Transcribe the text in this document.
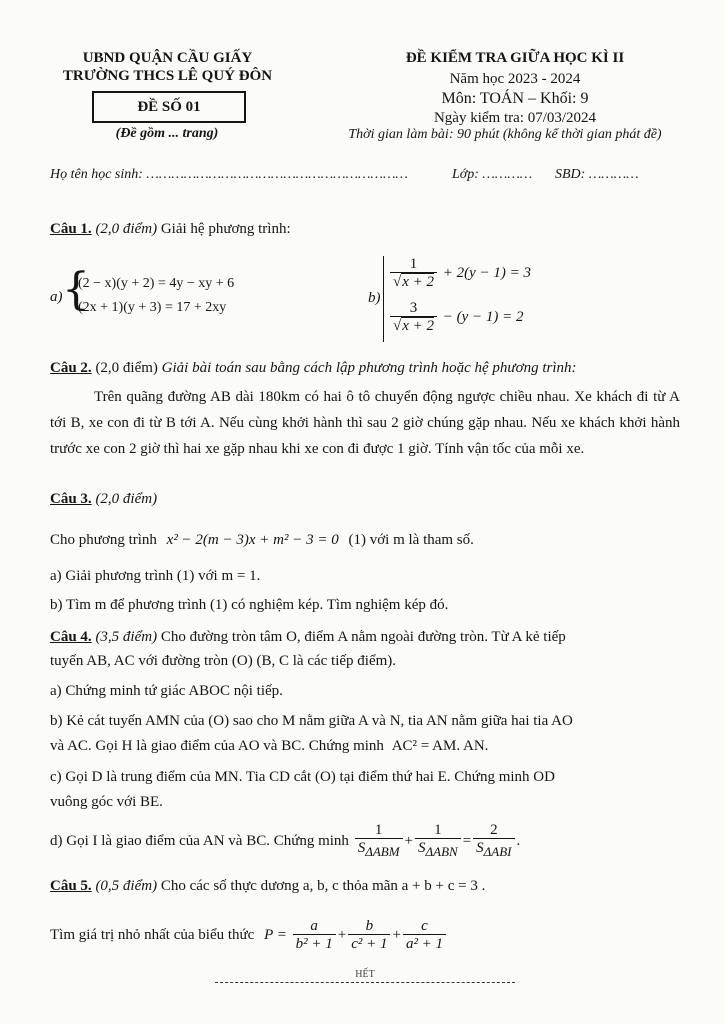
UBND QUẬN CẦU GIẤY
TRƯỜNG THCS LÊ QUÝ ĐÔN
ĐỀ SỐ 01
(Đề gồm ... trang)
ĐỀ KIỂM TRA GIỮA HỌC KÌ II
Năm học 2023 - 2024
Môn: TOÁN – Khối: 9
Ngày kiểm tra: 07/03/2024
Thời gian làm bài: 90 phút (không kể thời gian phát đề)
Họ tên học sinh: ………………………………………………………	Lớp: ………… SBD: …………
Câu 1. (2,0 điểm) Giải hệ phương trình:
a) {
(2 − x)(y + 2) = 4y − xy + 6
(2x + 1)(y + 3) = 17 + 2xy
b)
$\frac{1}{√x + 2} + 2(y - 1) = 3$
$\frac{3}{√x + 2} - (y - 1) = 2$
Câu 2. (2,0 điểm) Giải bài toán sau bằng cách lập phương trình hoặc hệ phương trình:
Trên quãng đường AB dài 180km có hai ô tô chuyển động ngược chiều nhau. Xe khách đi từ A tới B, xe con đi từ B tới A. Nếu cùng khởi hành thì sau 2 giờ chúng gặp nhau. Nếu xe khách khởi hành trước xe con 2 giờ thì hai xe gặp nhau khi xe con đi được 1 giờ. Tính vận tốc của mỗi xe.
Câu 3. (2,0 điểm)
Cho phương trình x² − 2(m − 3)x + m² − 3 = 0 (1) với m là tham số.
a) Giải phương trình (1) với m = 1.
b) Tìm m để phương trình (1) có nghiệm kép. Tìm nghiệm kép đó.
Câu 4. (3,5 điểm) Cho đường tròn tâm O, điểm A nằm ngoài đường tròn. Từ A kẻ tiếp
tuyến AB, AC với đường tròn (O) (B, C là các tiếp điểm).
a) Chứng minh tứ giác ABOC nội tiếp.
b) Kẻ cát tuyến AMN của (O) sao cho M nằm giữa A và N, tia AN nằm giữa hai tia AO
và AC. Gọi H là giao điểm của AO và BC. Chứng minh AC² = AM. AN.
c) Gọi D là trung điểm của MN. Tia CD cắt (O) tại điểm thứ hai E. Chứng minh OD
vuông góc với BE.
d) Gọi I là giao điểm của AN và BC. Chứng minh $\frac{1}{S_{\Delta ABM}} + \frac{1}{S_{\Delta ABN}} = \frac{2}{S_{\Delta ABI}}$ .
Câu 5. (0,5 điểm) Cho các số thực dương a, b, c thỏa mãn a + b + c = 3 .
Tìm giá trị nhỏ nhất của biểu thức $P = \frac{a}{\text{b² + 1}} + \frac{b}{\text{c² + 1}} + \frac{c}{\text{a² + 1}}$
HẾT
